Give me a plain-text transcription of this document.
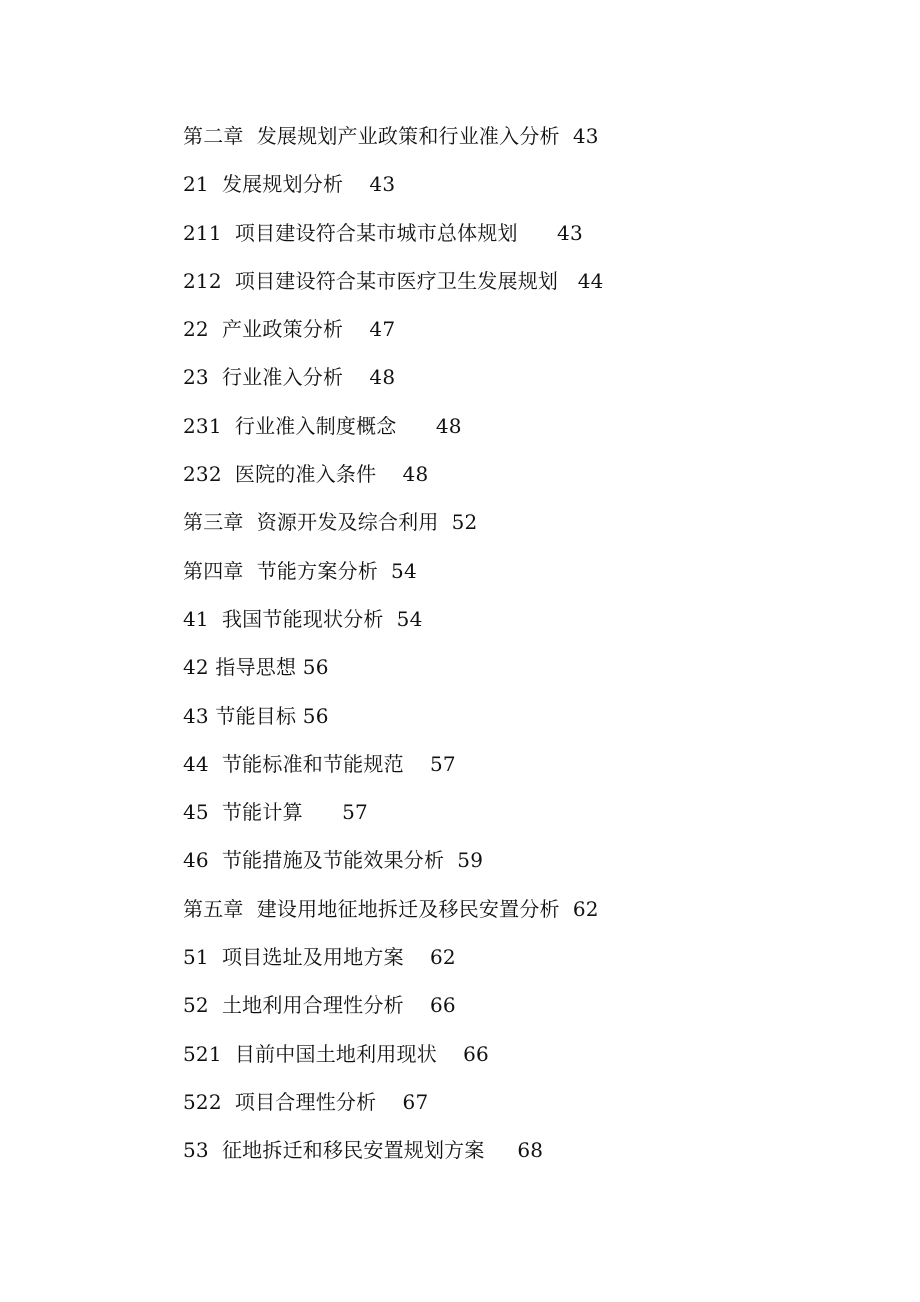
第二章  发展规划产业政策和行业准入分析  43
21  发展规划分析    43
211  项目建设符合某市城市总体规划      43
212  项目建设符合某市医疗卫生发展规划   44
22  产业政策分析    47
23  行业准入分析    48
231  行业准入制度概念      48
232  医院的准入条件    48
第三章  资源开发及综合利用  52
第四章  节能方案分析  54
41  我国节能现状分析  54
42 指导思想 56
43 节能目标 56
44  节能标准和节能规范    57
45  节能计算      57
46  节能措施及节能效果分析  59
第五章  建设用地征地拆迁及移民安置分析  62
51  项目选址及用地方案    62
52  土地利用合理性分析    66
521  目前中国土地利用现状    66
522  项目合理性分析    67
53  征地拆迁和移民安置规划方案     68
